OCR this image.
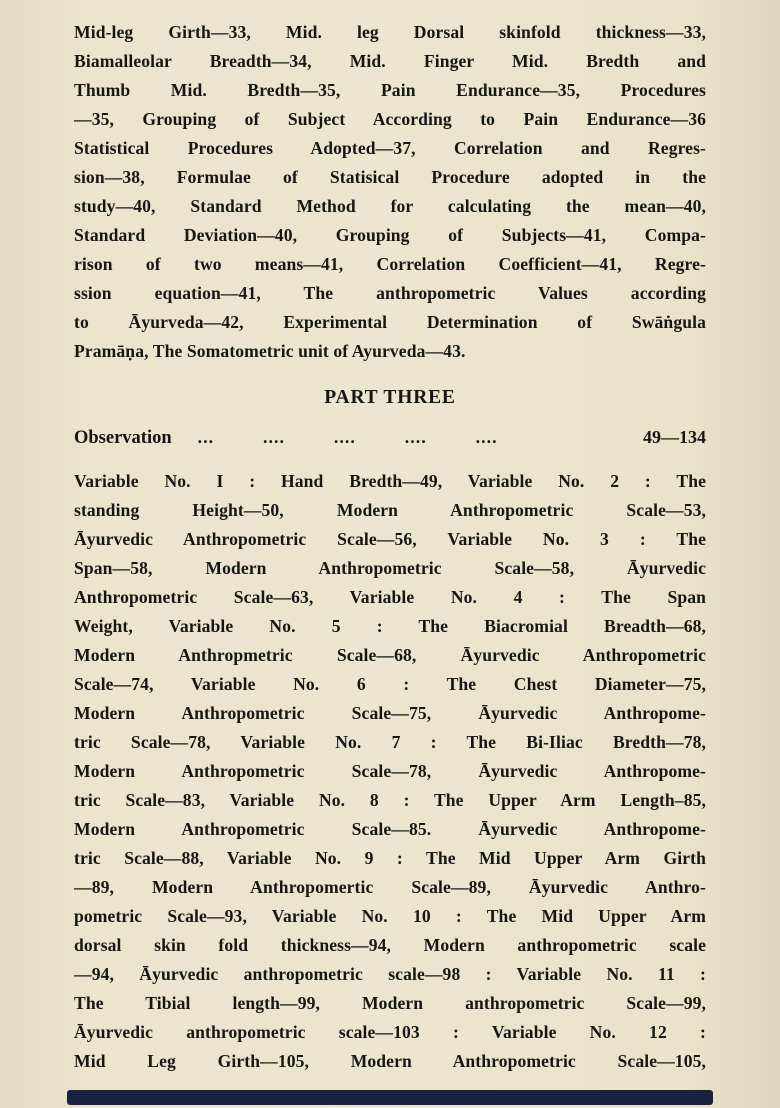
Mid-leg Girth—33, Mid. leg Dorsal skinfold thickness—33,
Biamalleolar Breadth—34, Mid. Finger Mid. Bredth and
Thumb Mid. Bredth—35, Pain Endurance—35, Procedures
—35, Grouping of Subject According to Pain Endurance—36
Statistical Procedures Adopted—37, Correlation and Regres-
sion—38, Formulae of Statisical Procedure adopted in the
study—40, Standard Method for calculating the mean—40,
Standard Deviation—40, Grouping of Subjects—41, Compa-
rison of two means—41, Correlation Coefficient—41, Regre-
ssion equation—41, The anthropometric Values according
to Āyurveda—42, Experimental Determination of Swāṅgula
Pramāṇa, The Somatometric unit of Ayurveda—43.
PART THREE
Observation ...	....	....	....	....	49—134
Variable No. I : Hand Bredth—49, Variable No. 2 : The
standing Height—50, Modern Anthropometric Scale—53,
Āyurvedic Anthropometric Scale—56, Variable No. 3 : The
Span—58, Modern Anthropometric Scale—58, Āyurvedic
Anthropometric Scale—63, Variable No. 4 : The Span
Weight, Variable No. 5 : The Biacromial Breadth—68,
Modern Anthropmetric Scale—68, Āyurvedic Anthropometric
Scale—74, Variable No. 6 : The Chest Diameter—75,
Modern Anthropometric Scale—75, Āyurvedic Anthropome-
tric Scale—78, Variable No. 7 : The Bi-Iliac Bredth—78,
Modern Anthropometric Scale—78, Āyurvedic Anthropome-
tric Scale—83, Variable No. 8 : The Upper Arm Length–85,
Modern Anthropometric Scale—85. Āyurvedic Anthropome-
tric Scale—88, Variable No. 9 : The Mid Upper Arm Girth
—89, Modern Anthropomertic Scale—89, Āyurvedic Anthro-
pometric Scale—93, Variable No. 10 : The Mid Upper Arm
dorsal skin fold thickness—94, Modern anthropometric scale
—94, Āyurvedic anthropometric scale—98 : Variable No. 11 :
The Tibial length—99, Modern anthropometric Scale—99,
Āyurvedic anthropometric scale—103 : Variable No. 12 :
Mid Leg Girth—105, Modern Anthropometric Scale—105,
